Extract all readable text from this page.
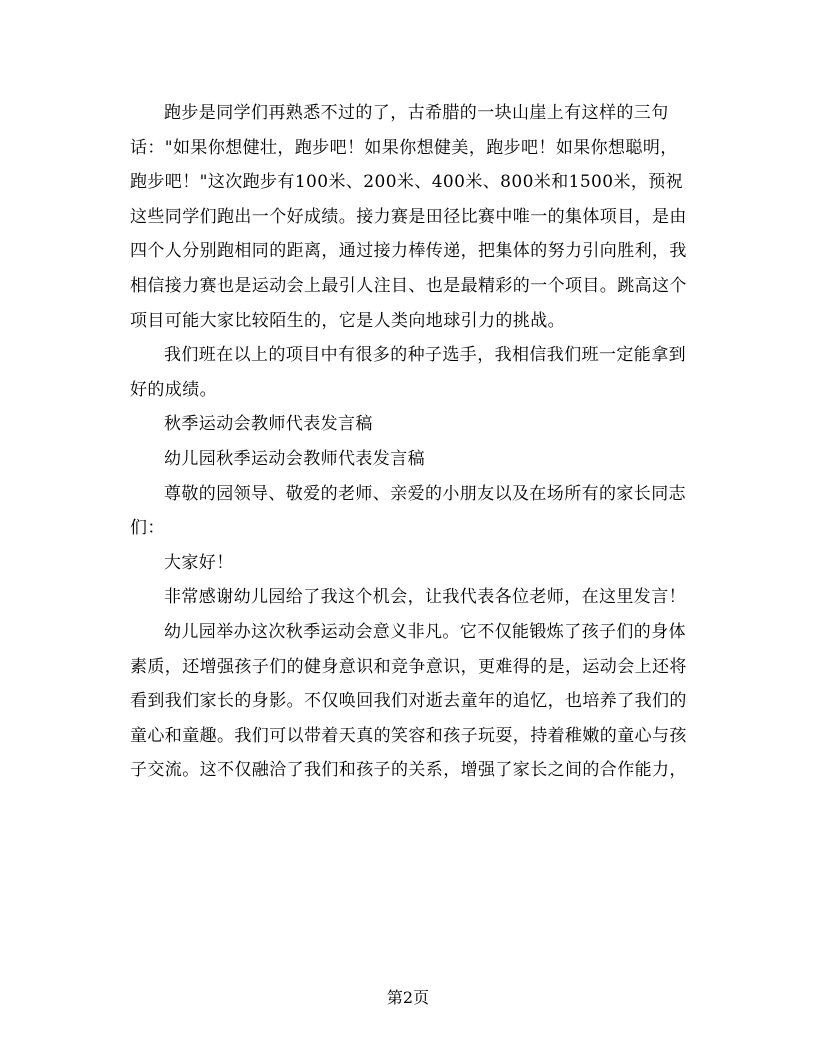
跑步是同学们再熟悉不过的了，古希腊的一块山崖上有这样的三句话："如果你想健壮，跑步吧！如果你想健美，跑步吧！如果你想聪明，跑步吧！"这次跑步有100米、200米、400米、800米和1500米，预祝这些同学们跑出一个好成绩。接力赛是田径比赛中唯一的集体项目，是由四个人分别跑相同的距离，通过接力棒传递，把集体的努力引向胜利，我相信接力赛也是运动会上最引人注目、也是最精彩的一个项目。跳高这个项目可能大家比较陌生的，它是人类向地球引力的挑战。

我们班在以上的项目中有很多的种子选手，我相信我们班一定能拿到好的成绩。

秋季运动会教师代表发言稿

幼儿园秋季运动会教师代表发言稿

尊敬的园领导、敬爱的老师、亲爱的小朋友以及在场所有的家长同志们：

大家好！

非常感谢幼儿园给了我这个机会，让我代表各位老师，在这里发言！

幼儿园举办这次秋季运动会意义非凡。它不仅能锻炼了孩子们的身体素质，还增强孩子们的健身意识和竞争意识，更难得的是，运动会上还将看到我们家长的身影。不仅唤回我们对逝去童年的追忆，也培养了我们的童心和童趣。我们可以带着天真的笑容和孩子玩耍，持着稚嫩的童心与孩子交流。这不仅融洽了我们和孩子的关系，增强了家长之间的合作能力，

第2页
